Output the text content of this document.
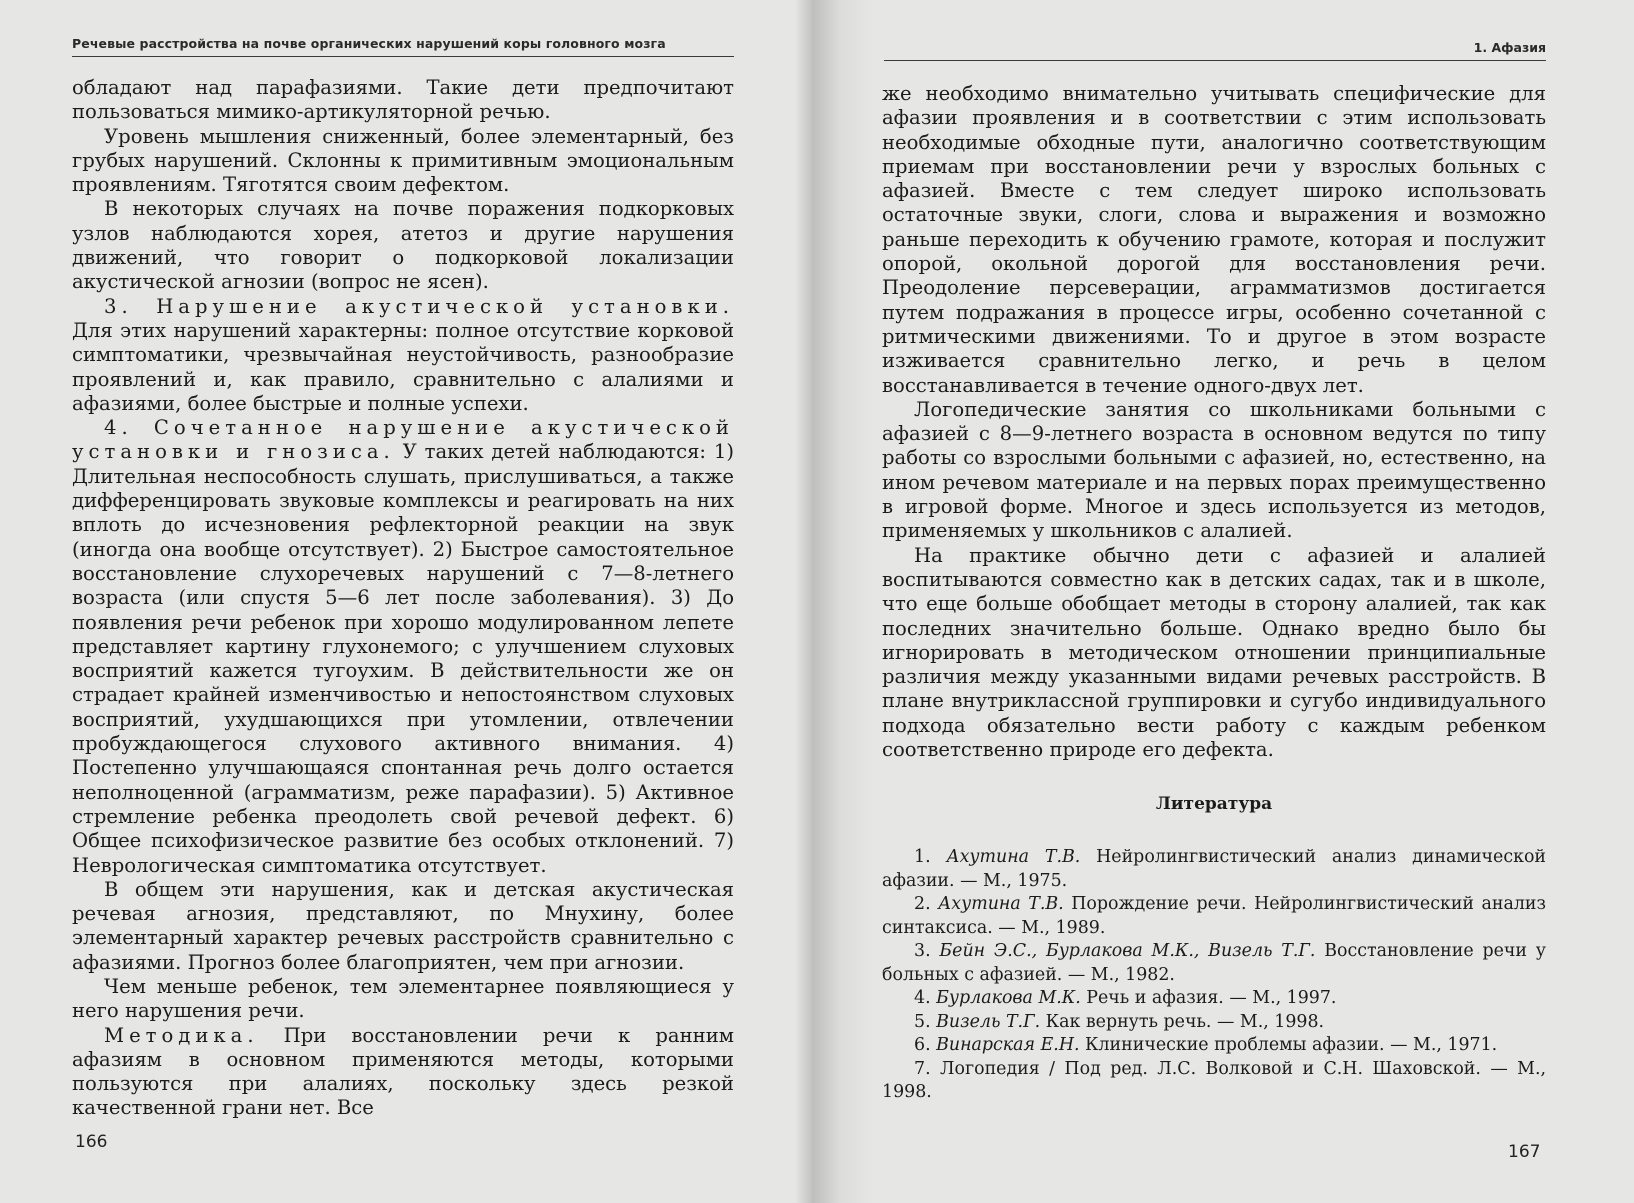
Речевые расстройства на почве органических нарушений коры головного мозга

обладают над парафазиями. Такие дети предпочитают пользоваться мимико-артикуляторной речью.

Уровень мышления сниженный, более элементарный, без грубых нарушений. Склонны к примитивным эмоциональным проявлениям. Тяготятся своим дефектом.

В некоторых случаях на почве поражения подкорковых узлов наблюдаются хорея, атетоз и другие нарушения движений, что говорит о подкорковой локализации акустической агнозии (вопрос не ясен).

3. Нарушение акустической установки. Для этих нарушений характерны: полное отсутствие корковой симптоматики, чрезвычайная неустойчивость, разнообразие проявлений и, как правило, сравнительно с алалиями и афазиями, более быстрые и полные успехи.

4. Сочетанное нарушение акустической установки и гнозиса. У таких детей наблюдаются: 1) Длительная неспособность слушать, прислушиваться, а также дифференцировать звуковые комплексы и реагировать на них вплоть до исчезновения рефлекторной реакции на звук (иногда она вообще отсутствует). 2) Быстрое самостоятельное восстановление слухоречевых нарушений с 7—8-летнего возраста (или спустя 5—6 лет после заболевания). 3) До появления речи ребенок при хорошо модулированном лепете представляет картину глухонемого; с улучшением слуховых восприятий кажется тугоухим. В действительности же он страдает крайней изменчивостью и непостоянством слуховых восприятий, ухудшающихся при утомлении, отвлечении пробуждающегося слухового активного внимания. 4) Постепенно улучшающаяся спонтанная речь долго остается неполноценной (аграмматизм, реже парафазии). 5) Активное стремление ребенка преодолеть свой речевой дефект. 6) Общее психофизическое развитие без особых отклонений. 7) Неврологическая симптоматика отсутствует.

В общем эти нарушения, как и детская акустическая речевая агнозия, представляют, по Мнухину, более элементарный характер речевых расстройств сравнительно с афазиями. Прогноз более благоприятен, чем при агнозии.

Чем меньше ребенок, тем элементарнее появляющиеся у него нарушения речи.

Методика. При восстановлении речи к ранним афазиям в основном применяются методы, которыми пользуются при алалиях, поскольку здесь резкой качественной грани нет. Все

166
1. Афазия

же необходимо внимательно учитывать специфические для афазии проявления и в соответствии с этим использовать необходимые обходные пути, аналогично соответствующим приемам при восстановлении речи у взрослых больных с афазией. Вместе с тем следует широко использовать остаточные звуки, слоги, слова и выражения и возможно раньше переходить к обучению грамоте, которая и послужит опорой, окольной дорогой для восстановления речи. Преодоление персеверации, аграмматизмов достигается путем подражания в процессе игры, особенно сочетанной с ритмическими движениями. То и другое в этом возрасте изживается сравнительно легко, и речь в целом восстанавливается в течение одного-двух лет.

Логопедические занятия со школьниками больными с афазией с 8—9-летнего возраста в основном ведутся по типу работы со взрослыми больными с афазией, но, естественно, на ином речевом материале и на первых порах преимущественно в игровой форме. Многое и здесь используется из методов, применяемых у школьников с алалией.

На практике обычно дети с афазией и алалией воспитываются совместно как в детских садах, так и в школе, что еще больше обобщает методы в сторону алалией, так как последних значительно больше. Однако вредно было бы игнорировать в методическом отношении принципиальные различия между указанными видами речевых расстройств. В плане внутриклассной группировки и сугубо индивидуального подхода обязательно вести работу с каждым ребенком соответственно природе его дефекта.

Литература

1. Ахутина Т.В. Нейролингвистический анализ динамической афазии. — М., 1975.

2. Ахутина Т.В. Порождение речи. Нейролингвистический анализ синтаксиса. — М., 1989.

3. Бейн Э.С., Бурлакова М.К., Визель Т.Г. Восстановление речи у больных с афазией. — М., 1982.

4. Бурлакова М.К. Речь и афазия. — М., 1997.

5. Визель Т.Г. Как вернуть речь. — М., 1998.

6. Винарская Е.Н. Клинические проблемы афазии. — М., 1971.

7. Логопедия / Под ред. Л.С. Волковой и С.Н. Шаховской. — М., 1998.

167
